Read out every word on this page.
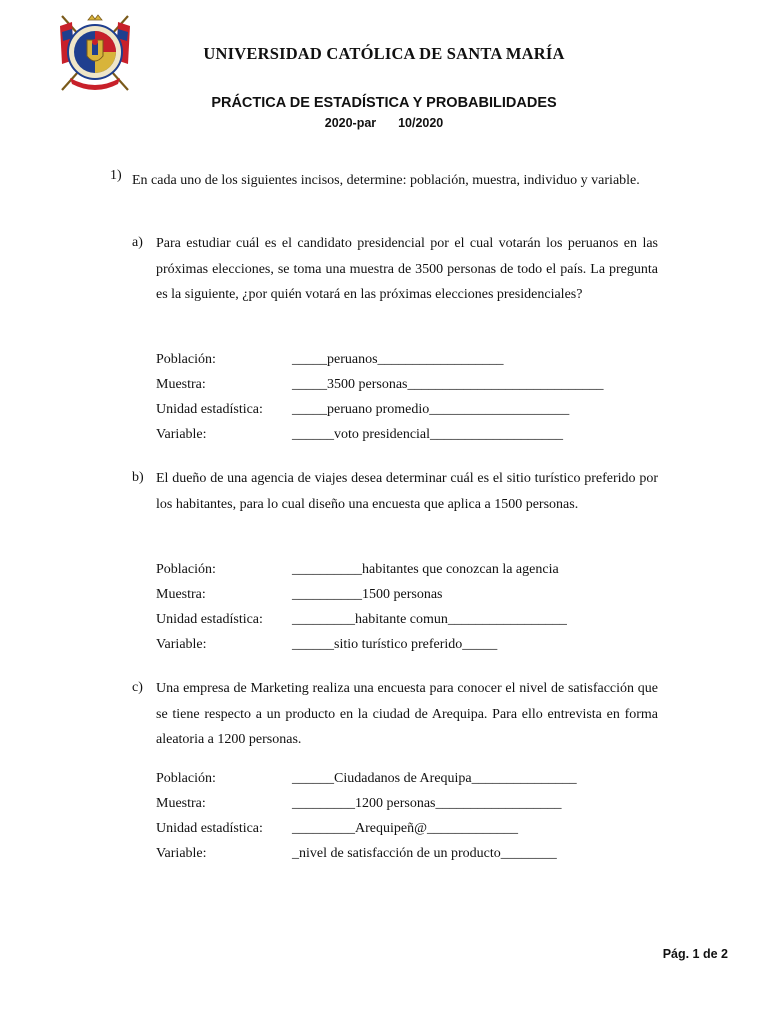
UNIVERSIDAD CATÓLICA DE SANTA MARÍA
PRÁCTICA DE ESTADÍSTICA Y PROBABILIDADES
2020-par    10/2020
1) En cada uno de los siguientes incisos, determine: población, muestra, individuo y variable.
a) Para estudiar cuál es el candidato presidencial por el cual votarán los peruanos en las próximas elecciones, se toma una muestra de 3500 personas de todo el país. La pregunta es la siguiente, ¿por quién votará en las próximas elecciones presidenciales?
Población:	_____peruanos__________________
Muestra:	_____3500 personas____________________________
Unidad estadística: _____peruano promedio____________________
Variable:	______voto presidencial___________________
b) El dueño de una agencia de viajes desea determinar cuál es el sitio turístico preferido por los habitantes, para lo cual diseño una encuesta que aplica a 1500 personas.
Población:	__________habitantes que conozcan la agencia
Muestra:	__________1500 personas
Unidad estadística: _________habitante comun_________________
Variable:	______sitio turístico preferido_____
c) Una empresa de Marketing realiza una encuesta para conocer el nivel de satisfacción que se tiene respecto a un producto en la ciudad de Arequipa. Para ello entrevista en forma aleatoria a 1200 personas.
Población:	______Ciudadanos de Arequipa_______________
Muestra:	_________1200 personas__________________
Unidad estadística: _________Arequipeñ@_____________
Variable:	_nivel de satisfacción de un producto________
Pág. 1 de 2
